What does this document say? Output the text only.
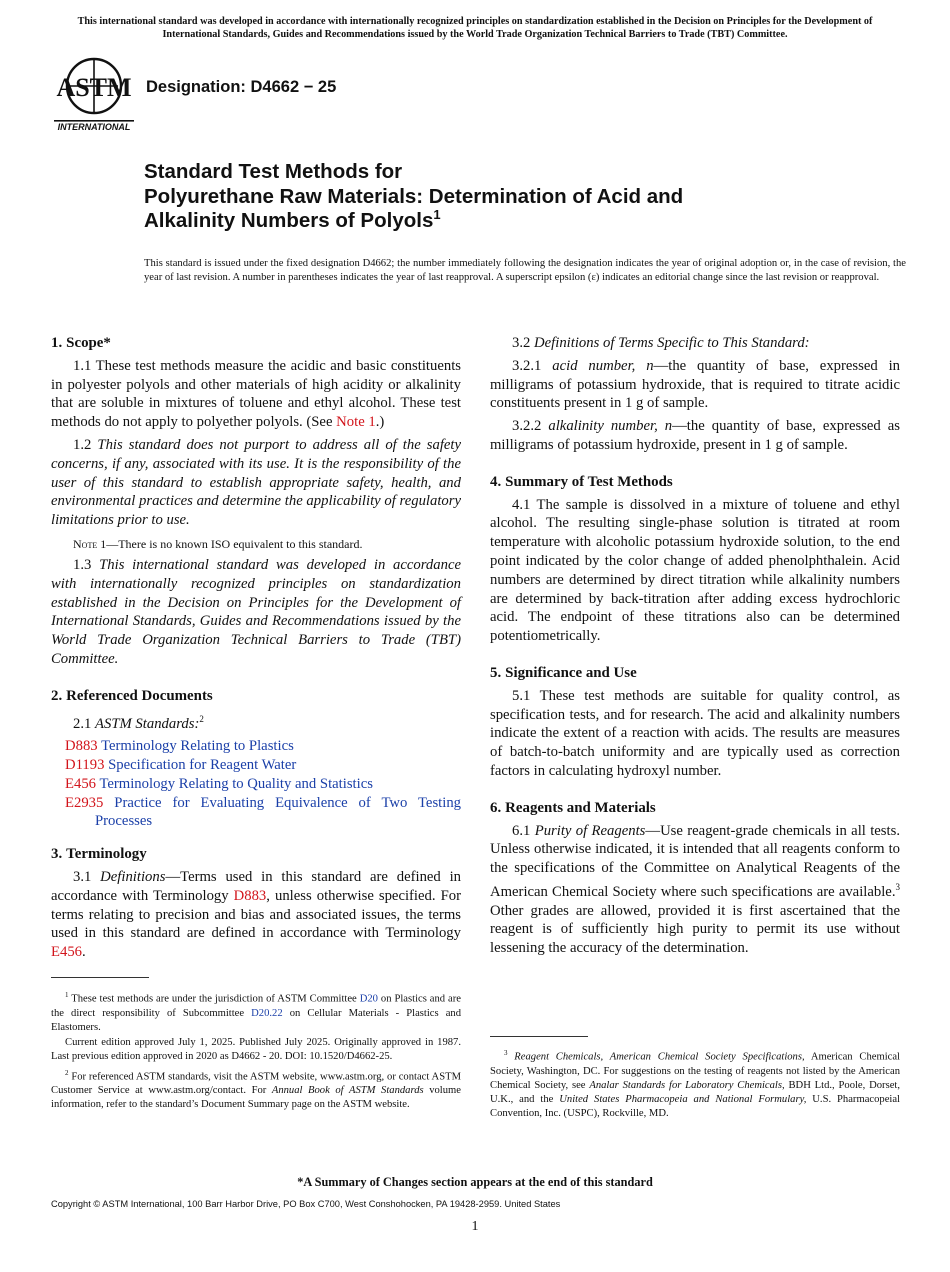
This international standard was developed in accordance with internationally recognized principles on standardization established in the Decision on Principles for the Development of International Standards, Guides and Recommendations issued by the World Trade Organization Technical Barriers to Trade (TBT) Committee.
ASTM
INTERNATIONAL
Designation: D4662 − 25
Standard Test Methods for
Polyurethane Raw Materials: Determination of Acid and
Alkalinity Numbers of Polyols$^1$
This standard is issued under the fixed designation D4662; the number immediately following the designation indicates the year of original adoption or, in the case of revision, the year of last revision. A number in parentheses indicates the year of last reapproval. A superscript epsilon (ε) indicates an editorial change since the last revision or reapproval.
1. Scope*

1.1 These test methods measure the acidic and basic constituents in polyester polyols and other materials of high acidity or alkalinity that are soluble in mixtures of toluene and ethyl alcohol. These test methods do not apply to polyether polyols. (See Note 1.)

1.2 This standard does not purport to address all of the safety concerns, if any, associated with its use. It is the responsibility of the user of this standard to establish appropriate safety, health, and environmental practices and determine the applicability of regulatory limitations prior to use.

Note 1—There is no known ISO equivalent to this standard.

1.3 This international standard was developed in accordance with internationally recognized principles on standardization established in the Decision on Principles for the Development of International Standards, Guides and Recommendations issued by the World Trade Organization Technical Barriers to Trade (TBT) Committee.

2. Referenced Documents

2.1 ASTM Standards:$^2$

D883 Terminology Relating to Plastics
D1193 Specification for Reagent Water
E456 Terminology Relating to Quality and Statistics
E2935 Practice for Evaluating Equivalence of Two Testing Processes
3. Terminology

3.1 Definitions—Terms used in this standard are defined in accordance with Terminology D883, unless otherwise specified. For terms relating to precision and bias and associated issues, the terms used in this standard are defined in accordance with Terminology E456.

3.2 Definitions of Terms Specific to This Standard:

3.2.1 acid number, n—the quantity of base, expressed in milligrams of potassium hydroxide, that is required to titrate acidic constituents present in 1 g of sample.

3.2.2 alkalinity number, n—the quantity of base, expressed as milligrams of potassium hydroxide, present in 1 g of sample.

4. Summary of Test Methods

4.1 The sample is dissolved in a mixture of toluene and ethyl alcohol. The resulting single-phase solution is titrated at room temperature with alcoholic potassium hydroxide solution, to the end point indicated by the color change of added phenolphthalein. Acid numbers are determined by direct titration while alkalinity numbers are determined by back-titration after adding excess hydrochloric acid. The endpoint of these titrations also can be determined potentiometrically.

5. Significance and Use

5.1 These test methods are suitable for quality control, as specification tests, and for research. The acid and alkalinity numbers indicate the extent of a reaction with acids. The results are measures of batch-to-batch uniformity and are typically used as correction factors in calculating hydroxyl number.

6. Reagents and Materials

6.1 Purity of Reagents—Use reagent-grade chemicals in all tests. Unless otherwise indicated, it is intended that all reagents conform to the specifications of the Committee on Analytical Reagents of the American Chemical Society where such specifications are available.$^3$ Other grades are allowed, provided it is first ascertained that the reagent is of sufficiently high purity to permit its use without lessening the accuracy of the determination.

$^1$ These test methods are under the jurisdiction of ASTM Committee D20 on Plastics and are the direct responsibility of Subcommittee D20.22 on Cellular Materials - Plastics and Elastomers.

Current edition approved July 1, 2025. Published July 2025. Originally approved in 1987. Last previous edition approved in 2020 as D4662 - 20. DOI: 10.1520/D4662-25.

$^2$ For referenced ASTM standards, visit the ASTM website, www.astm.org, or contact ASTM Customer Service at www.astm.org/contact. For Annual Book of ASTM Standards volume information, refer to the standard’s Document Summary page on the ASTM website.

$^3$ Reagent Chemicals, American Chemical Society Specifications, American Chemical Society, Washington, DC. For suggestions on the testing of reagents not listed by the American Chemical Society, see Analar Standards for Laboratory Chemicals, BDH Ltd., Poole, Dorset, U.K., and the United States Pharmacopeia and National Formulary, U.S. Pharmacopeial Convention, Inc. (USPC), Rockville, MD.

*A Summary of Changes section appears at the end of this standard
Copyright © ASTM International, 100 Barr Harbor Drive, PO Box C700, West Conshohocken, PA 19428-2959. United States
1
